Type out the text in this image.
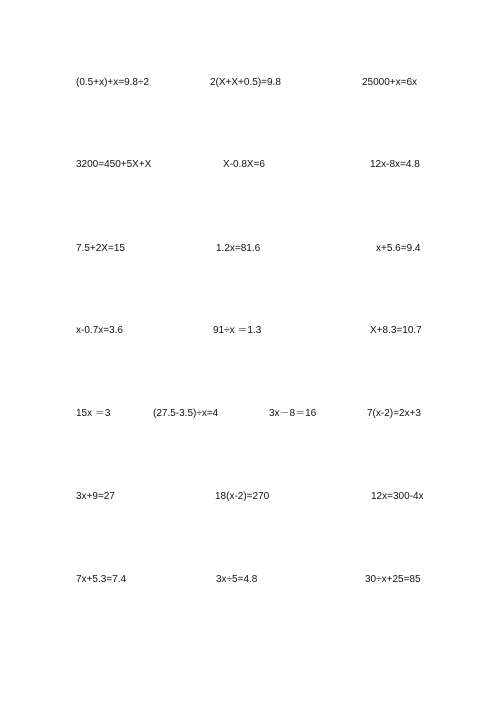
(0.5+x)+x=9.8÷2	2(X+X+0.5)=9.8	25000+x=6x
3200=450+5X+X	X-0.8X=6	12x-8x=4.8
7.5+2X=15	1.2x=81.6	x+5.6=9.4
x-0.7x=3.6	91÷x ＝1.3	X+8.3=10.7
15x ＝3	(27.5-3.5)÷x=4	3x－8＝16	7(x-2)=2x+3
3x+9=27	18(x-2)=270	12x=300-4x
7x+5.3=7.4	3x÷5=4.8	30÷x+25=85
